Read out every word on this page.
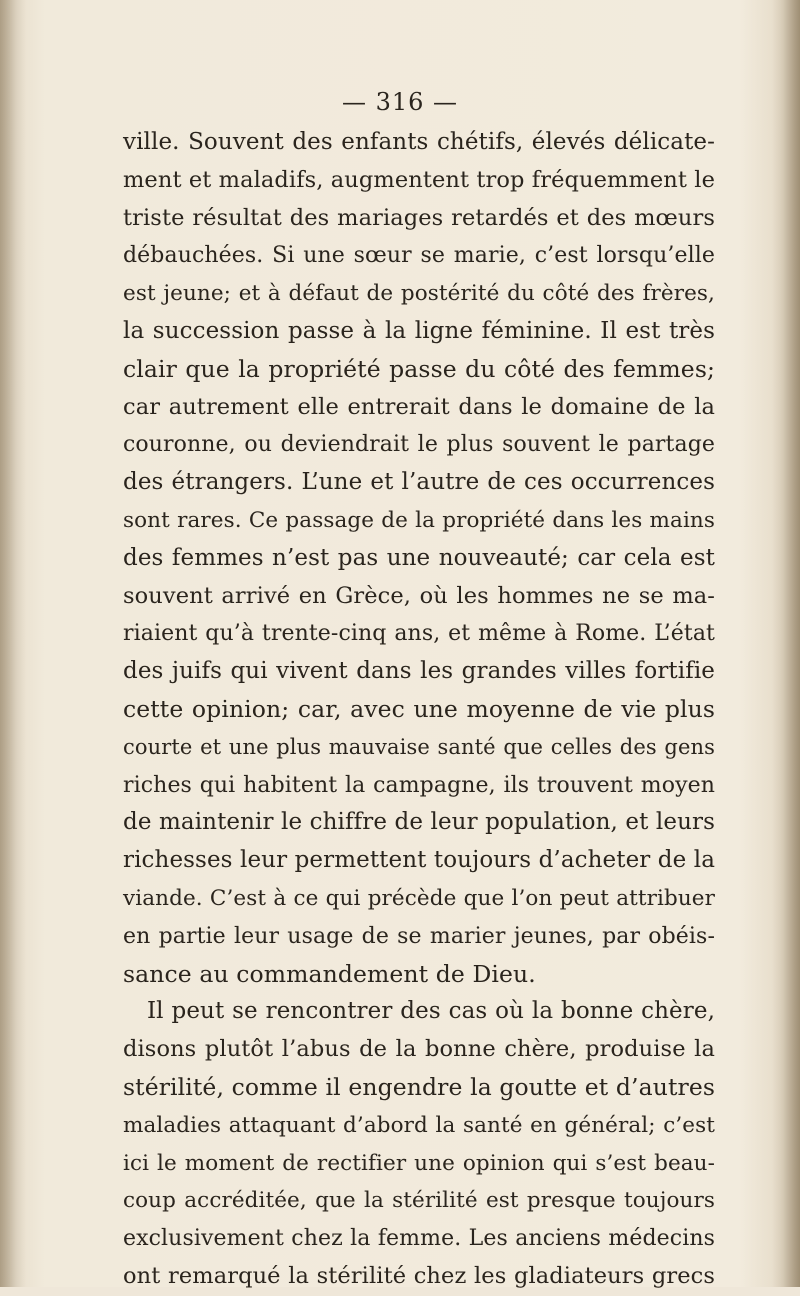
— 316 —
ville. Souvent des enfants chétifs, élevés délicate-
ment et maladifs, augmentent trop fréquemment le
triste résultat des mariages retardés et des mœurs
débauchées. Si une sœur se marie, c’est lorsqu’elle
est jeune; et à défaut de postérité du côté des frères,
la succession passe à la ligne féminine. Il est très
clair que la propriété passe du côté des femmes;
car autrement elle entrerait dans le domaine de la
couronne, ou deviendrait le plus souvent le partage
des étrangers. L’une et l’autre de ces occurrences
sont rares. Ce passage de la propriété dans les mains
des femmes n’est pas une nouveauté; car cela est
souvent arrivé en Grèce, où les hommes ne se ma-
riaient qu’à trente-cinq ans, et même à Rome. L’état
des juifs qui vivent dans les grandes villes fortifie
cette opinion; car, avec une moyenne de vie plus
courte et une plus mauvaise santé que celles des gens
riches qui habitent la campagne, ils trouvent moyen
de maintenir le chiffre de leur population, et leurs
richesses leur permettent toujours d’acheter de la
viande. C’est à ce qui précède que l’on peut attribuer
en partie leur usage de se marier jeunes, par obéis-
sance au commandement de Dieu.
Il peut se rencontrer des cas où la bonne chère,
disons plutôt l’abus de la bonne chère, produise la
stérilité, comme il engendre la goutte et d’autres
maladies attaquant d’abord la santé en général; c’est
ici le moment de rectifier une opinion qui s’est beau-
coup accréditée, que la stérilité est presque toujours
exclusivement chez la femme. Les anciens médecins
ont remarqué la stérilité chez les gladiateurs grecs
